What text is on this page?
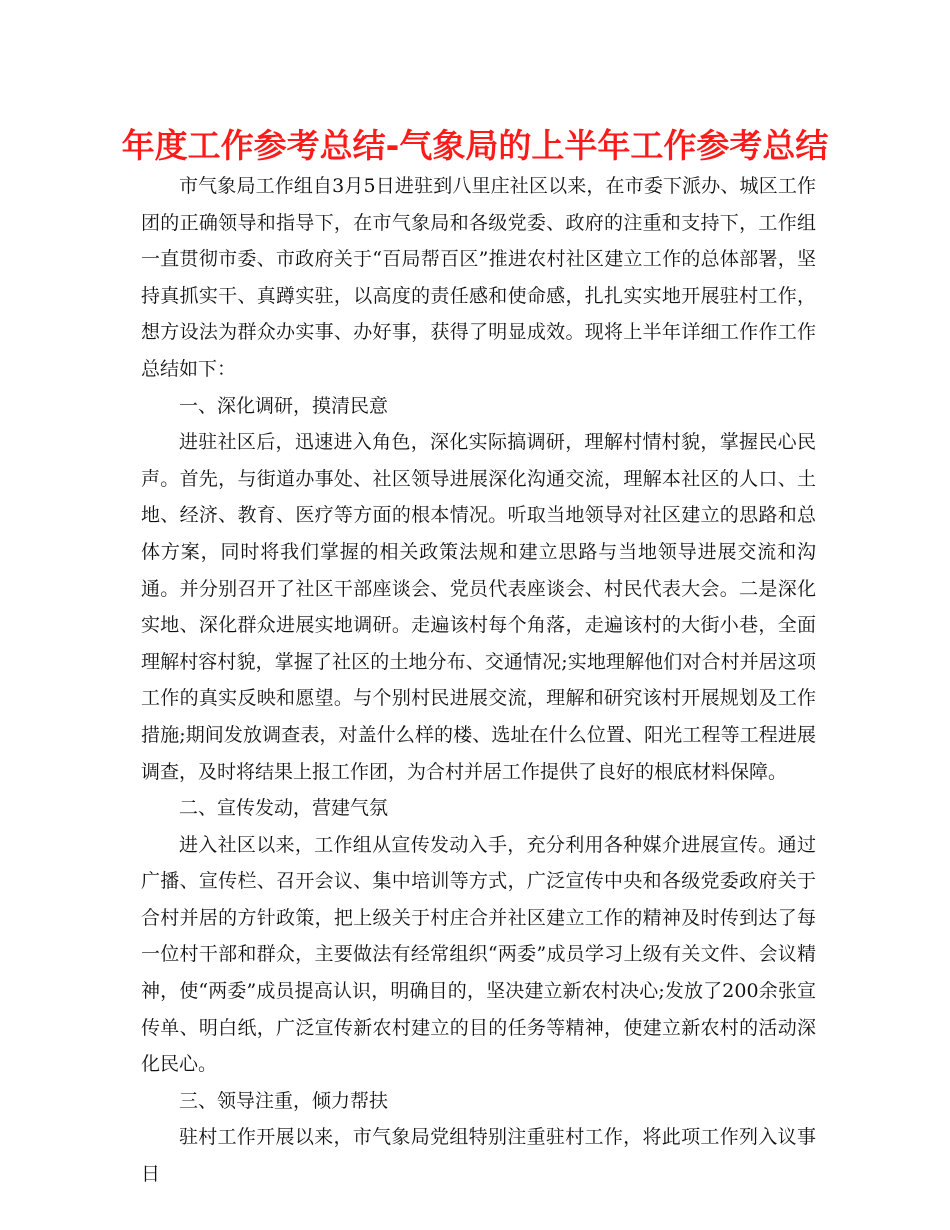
年度工作参考总结-气象局的上半年工作参考总结

市气象局工作组自3月5日进驻到八里庄社区以来，在市委下派办、城区工作团的正确领导和指导下，在市气象局和各级党委、政府的注重和支持下，工作组一直贯彻市委、市政府关于“百局帮百区”推进农村社区建立工作的总体部署，坚持真抓实干、真蹲实驻，以高度的责任感和使命感，扎扎实实地开展驻村工作，想方设法为群众办实事、办好事，获得了明显成效。现将上半年详细工作作工作总结如下：

一、深化调研，摸清民意

进驻社区后，迅速进入角色，深化实际搞调研，理解村情村貌，掌握民心民声。首先，与街道办事处、社区领导进展深化沟通交流，理解本社区的人口、土地、经济、教育、医疗等方面的根本情况。听取当地领导对社区建立的思路和总体方案，同时将我们掌握的相关政策法规和建立思路与当地领导进展交流和沟通。并分别召开了社区干部座谈会、党员代表座谈会、村民代表大会。二是深化实地、深化群众进展实地调研。走遍该村每个角落，走遍该村的大街小巷，全面理解村容村貌，掌握了社区的土地分布、交通情况;实地理解他们对合村并居这项工作的真实反映和愿望。与个别村民进展交流，理解和研究该村开展规划及工作措施;期间发放调查表，对盖什么样的楼、选址在什么位置、阳光工程等工程进展调查，及时将结果上报工作团，为合村并居工作提供了良好的根底材料保障。

二、宣传发动，营建气氛

进入社区以来，工作组从宣传发动入手，充分利用各种媒介进展宣传。通过广播、宣传栏、召开会议、集中培训等方式，广泛宣传中央和各级党委政府关于合村并居的方针政策，把上级关于村庄合并社区建立工作的精神及时传到达了每一位村干部和群众，主要做法有经常组织“两委”成员学习上级有关文件、会议精神，使“两委”成员提高认识，明确目的，坚决建立新农村决心;发放了200余张宣传单、明白纸，广泛宣传新农村建立的目的任务等精神，使建立新农村的活动深化民心。

三、领导注重，倾力帮扶

驻村工作开展以来，市气象局党组特别注重驻村工作，将此项工作列入议事日
